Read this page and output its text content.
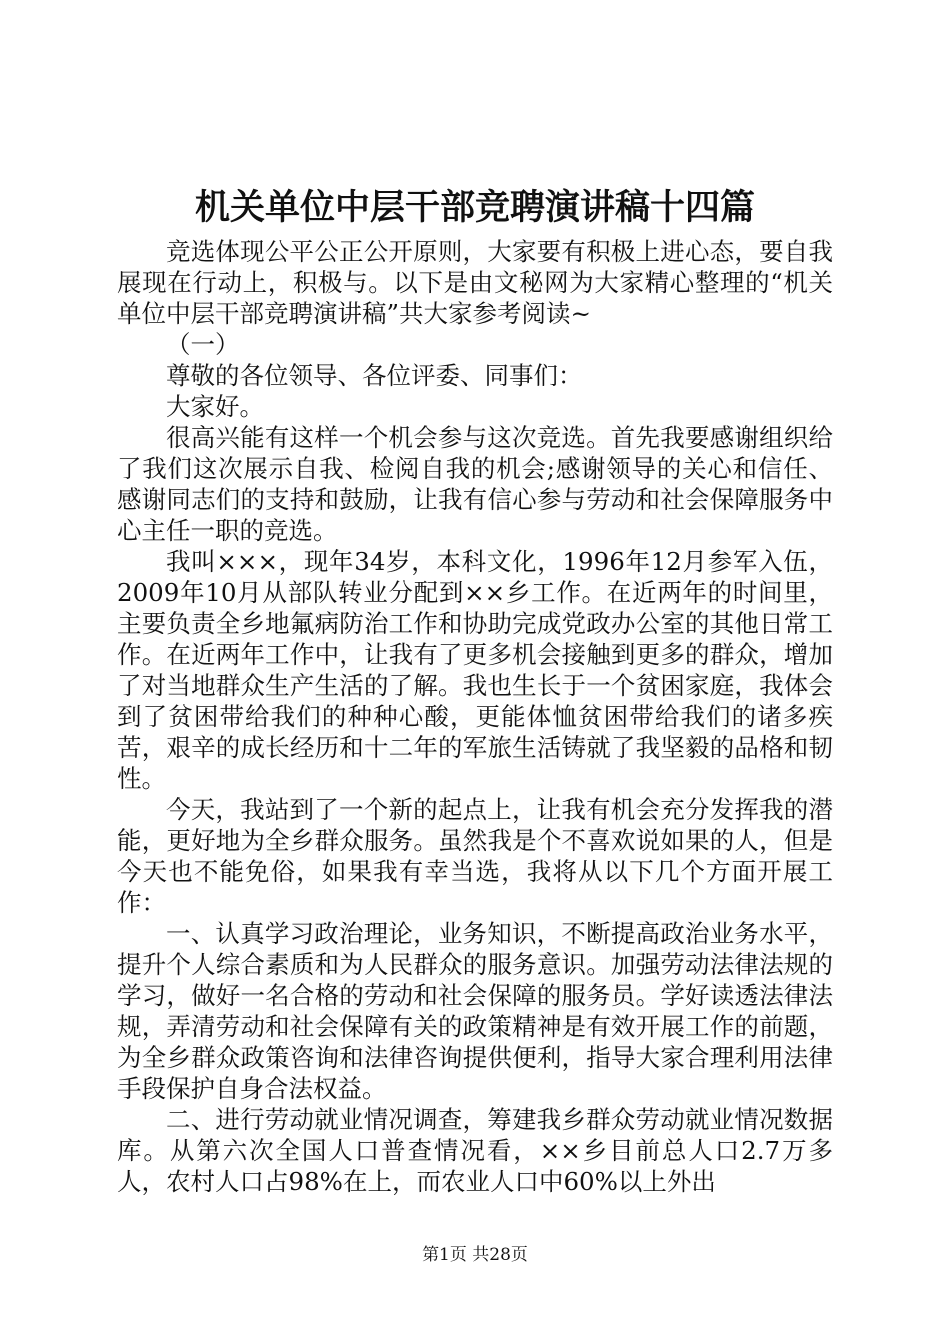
机关单位中层干部竞聘演讲稿十四篇

竞选体现公平公正公开原则，大家要有积极上进心态，要自我展现在行动上，积极与。以下是由文秘网为大家精心整理的“机关单位中层干部竞聘演讲稿”共大家参考阅读~

（一）

尊敬的各位领导、各位评委、同事们：

大家好。

很高兴能有这样一个机会参与这次竞选。首先我要感谢组织给了我们这次展示自我、检阅自我的机会;感谢领导的关心和信任、感谢同志们的支持和鼓励，让我有信心参与劳动和社会保障服务中心主任一职的竞选。

我叫×××，现年34岁，本科文化，1996年12月参军入伍，2009年10月从部队转业分配到××乡工作。在近两年的时间里，主要负责全乡地氟病防治工作和协助完成党政办公室的其他日常工作。在近两年工作中，让我有了更多机会接触到更多的群众，增加了对当地群众生产生活的了解。我也生长于一个贫困家庭，我体会到了贫困带给我们的种种心酸，更能体恤贫困带给我们的诸多疾苦，艰辛的成长经历和十二年的军旅生活铸就了我坚毅的品格和韧性。

今天，我站到了一个新的起点上，让我有机会充分发挥我的潜能，更好地为全乡群众服务。虽然我是个不喜欢说如果的人，但是今天也不能免俗，如果我有幸当选，我将从以下几个方面开展工作：

一、认真学习政治理论，业务知识，不断提高政治业务水平，提升个人综合素质和为人民群众的服务意识。加强劳动法律法规的学习，做好一名合格的劳动和社会保障的服务员。学好读透法律法规，弄清劳动和社会保障有关的政策精神是有效开展工作的前题，为全乡群众政策咨询和法律咨询提供便利，指导大家合理利用法律手段保护自身合法权益。

二、进行劳动就业情况调查，筹建我乡群众劳动就业情况数据库。从第六次全国人口普查情况看，××乡目前总人口2.7万多人，农村人口占98%在上，而农业人口中60%以上外出

第1页 共28页
